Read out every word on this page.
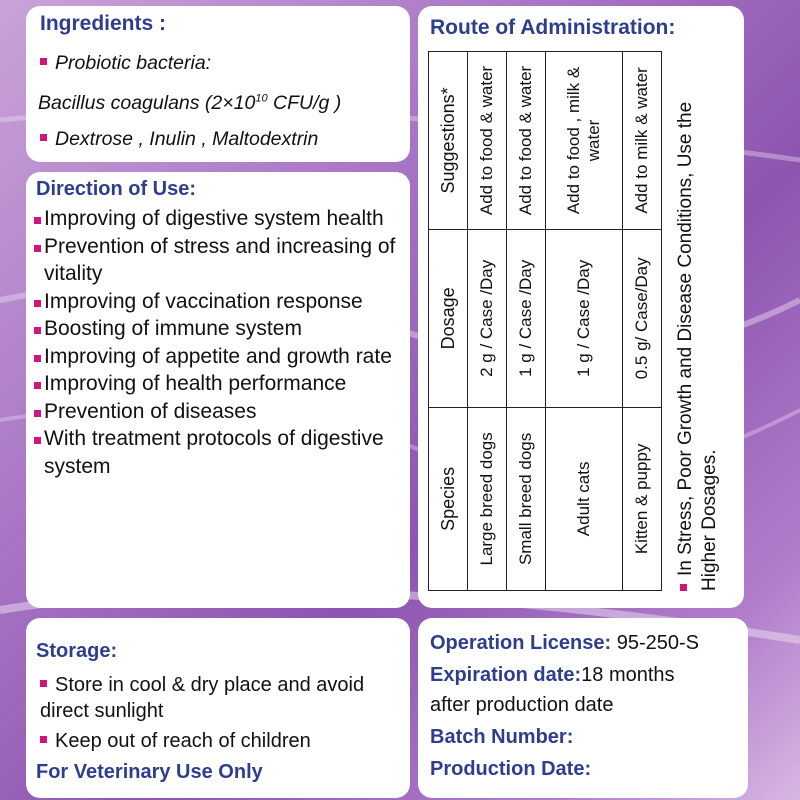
Ingredients :
Probiotic bacteria:
Bacillus coagulans ($2\times 10^{10}$ CFU/g )
Dextrose , Inulin , Maltodextrin
Direction of Use:
Improving of digestive system health
Prevention of stress and increasing of vitality
Improving of vaccination response
Boosting of immune system
Improving of appetite and growth rate
Improving of health performance
Prevention of diseases
With treatment protocols of digestive system
Route of Administration:
Species	Dosage	Suggestions*
Large breed dogs	2 g / Case /Day	Add to food & water
Small breed dogs	1 g / Case /Day	Add to food & water
Adult cats	1 g / Case /Day	Add to food , milk & water
Kitten & puppy	0.5 g/ Case/Day	Add to milk & water In Stress, Poor Growth and Disease Conditions, Use the Higher Dosages.
Storage:
Store in cool & dry place and avoid direct sunlight
Keep out of reach of children
For Veterinary Use Only
Operation License: 95-250-S
Expiration date:18 months
after production date
Batch Number:
Production Date:
